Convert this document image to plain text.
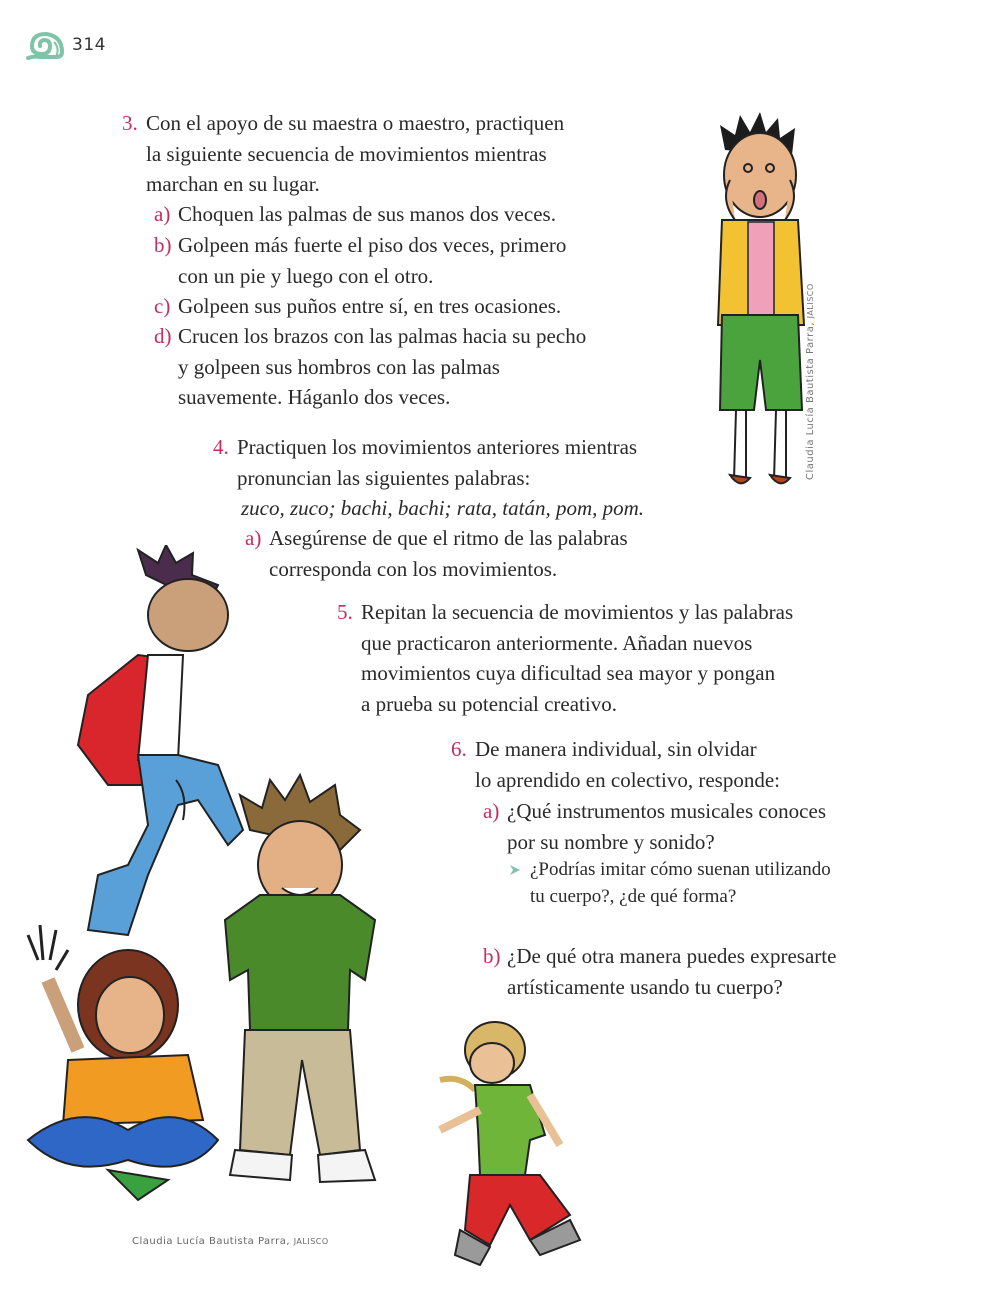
314
3. Con el apoyo de su maestra o maestro, practiquen
la siguiente secuencia de movimientos mientras
marchan en su lugar.
a) Choquen las palmas de sus manos dos veces.
b) Golpeen más fuerte el piso dos veces, primero
con un pie y luego con el otro.
c) Golpeen sus puños entre sí, en tres ocasiones.
d) Crucen los brazos con las palmas hacia su pecho
y golpeen sus hombros con las palmas
suavemente. Háganlo dos veces.
4. Practiquen los movimientos anteriores mientras
pronuncian las siguientes palabras:
zuco, zuco; bachi, bachi; rata, tatán, pom, pom.
a) Asegúrense de que el ritmo de las palabras
corresponda con los movimientos.
5. Repitan la secuencia de movimientos y las palabras
que practicaron anteriormente. Añadan nuevos
movimientos cuya dificultad sea mayor y pongan
a prueba su potencial creativo.
6. De manera individual, sin olvidar
lo aprendido en colectivo, responde:
a) ¿Qué instrumentos musicales conoces
por su nombre y sonido?
¿Podrías imitar cómo suenan utilizando
tu cuerpo?, ¿de qué forma?
b) ¿De qué otra manera puedes expresarte
artísticamente usando tu cuerpo?
Claudia Lucía Bautista Parra, JALISCO
Claudia Lucía Bautista Parra, JALISCO
